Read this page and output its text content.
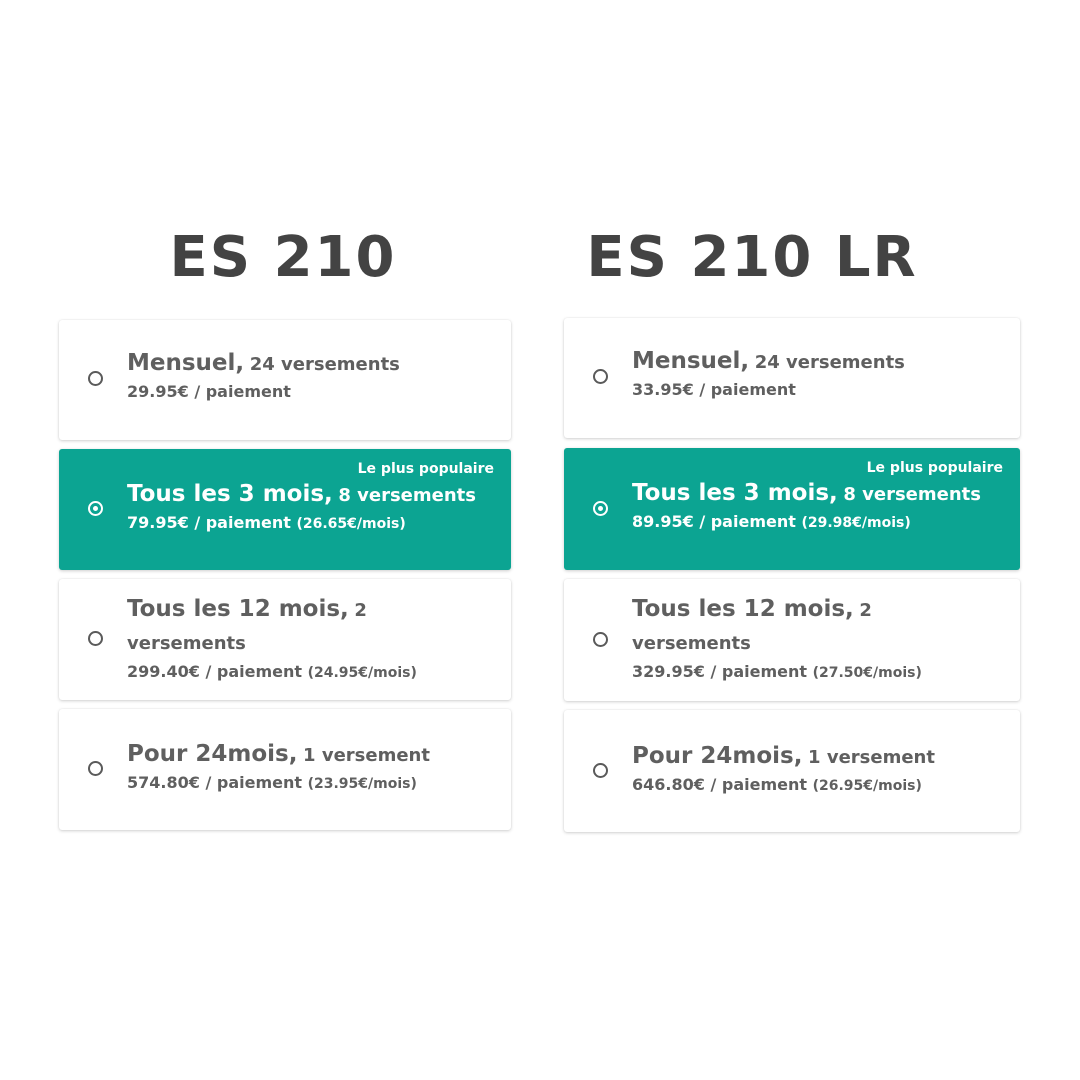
ES 210
Mensuel, 24 versements
29.95€ / paiement
Le plus populaire
Tous les 3 mois, 8 versements
79.95€ / paiement (26.65€/mois)
Tous les 12 mois, 2 versements
299.40€ / paiement (24.95€/mois)
Pour 24mois, 1 versement
574.80€ / paiement (23.95€/mois)
ES 210 LR
Mensuel, 24 versements
33.95€ / paiement
Le plus populaire
Tous les 3 mois, 8 versements
89.95€ / paiement (29.98€/mois)
Tous les 12 mois, 2 versements
329.95€ / paiement (27.50€/mois)
Pour 24mois, 1 versement
646.80€ / paiement (26.95€/mois)
